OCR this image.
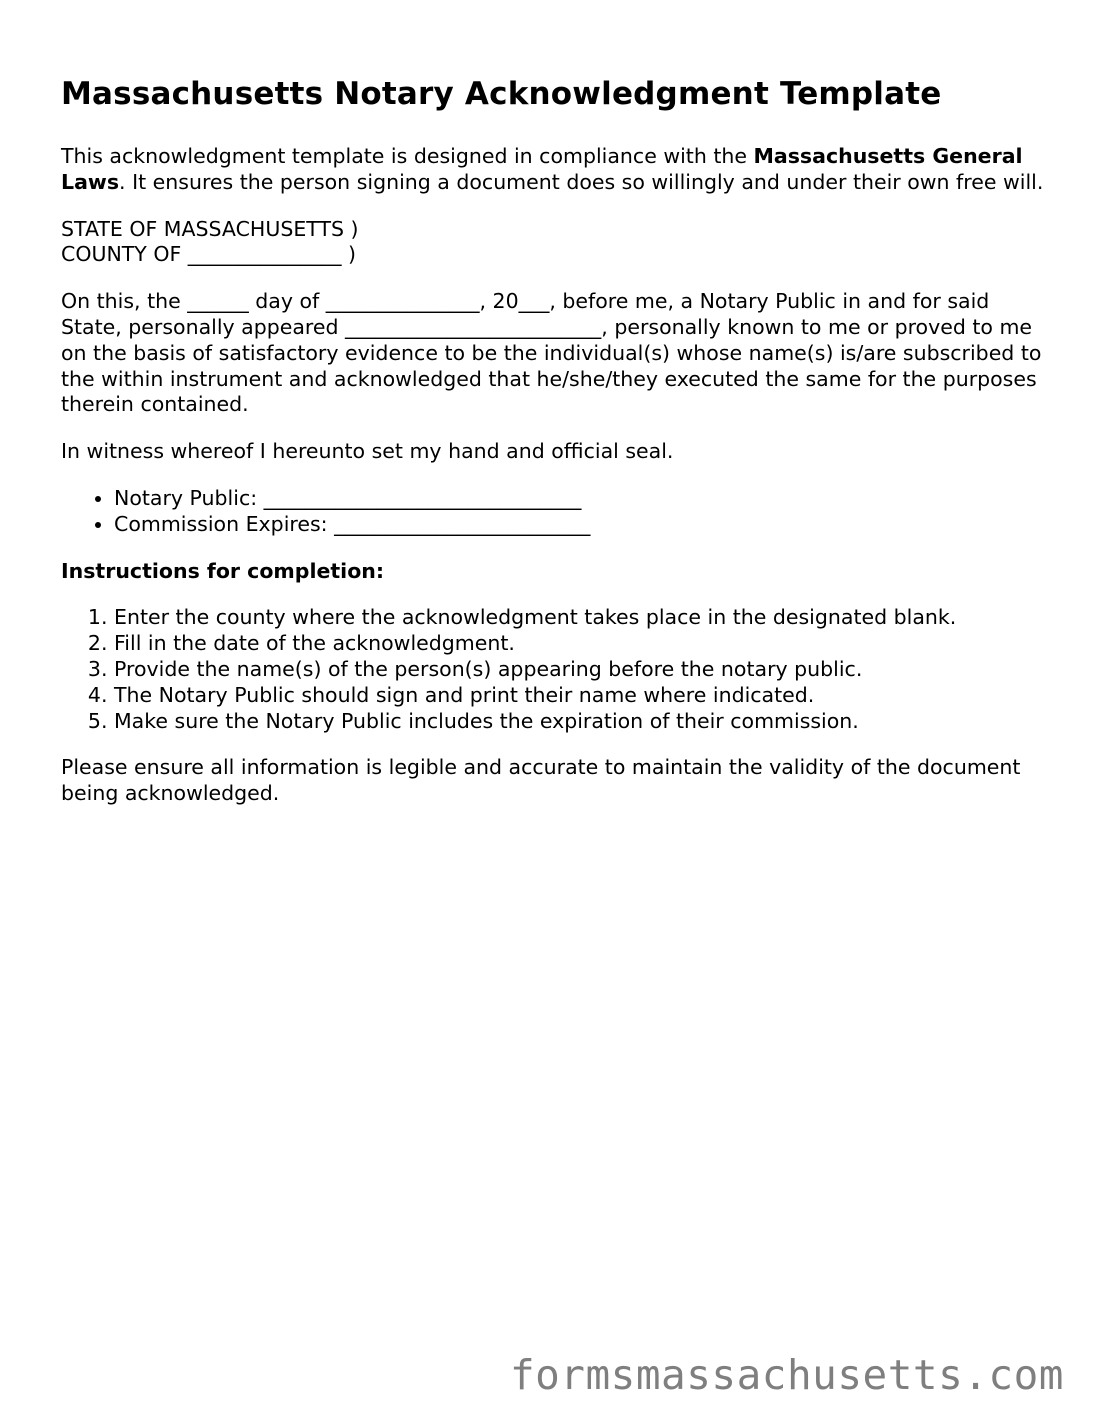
Massachusetts Notary Acknowledgment Template

This acknowledgment template is designed in compliance with the Massachusetts General Laws. It ensures the person signing a document does so willingly and under their own free will.

STATE OF MASSACHUSETTS )
COUNTY OF _______________ )

On this, the ______ day of _______________, 20___, before me, a Notary Public in and for said State, personally appeared _________________________, personally known to me or proved to me on the basis of satisfactory evidence to be the individual(s) whose name(s) is/are subscribed to the within instrument and acknowledged that he/she/they executed the same for the purposes therein contained.

In witness whereof I hereunto set my hand and official seal.

• Notary Public: _______________________________
• Commission Expires: _________________________

Instructions for completion:

1. Enter the county where the acknowledgment takes place in the designated blank.
2. Fill in the date of the acknowledgment.
3. Provide the name(s) of the person(s) appearing before the notary public.
4. The Notary Public should sign and print their name where indicated.
5. Make sure the Notary Public includes the expiration of their commission.

Please ensure all information is legible and accurate to maintain the validity of the document being acknowledged.

formsmassachusetts.com
